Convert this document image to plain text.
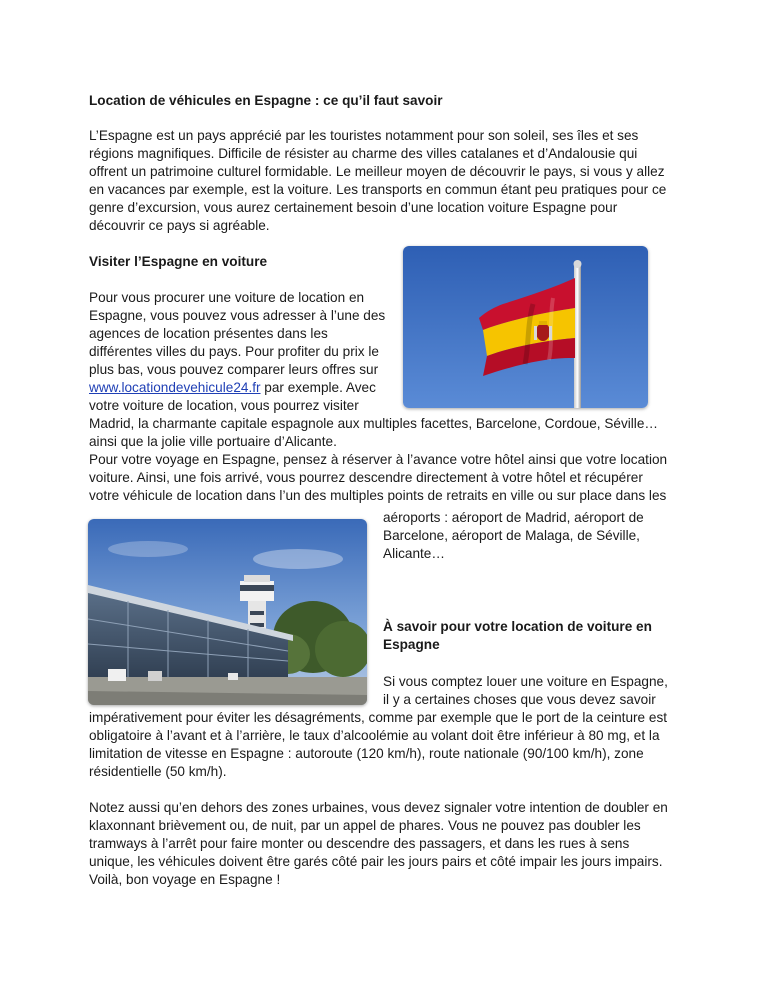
Location de véhicules en Espagne : ce qu’il faut savoir
L’Espagne est un pays apprécié par les touristes notamment pour son soleil, ses îles et ses
régions magnifiques. Difficile de résister au charme des villes catalanes et d’Andalousie qui
offrent un patrimoine culturel formidable. Le meilleur moyen de découvrir le pays, si vous y allez
en vacances par exemple, est la voiture. Les transports en commun étant peu pratiques pour ce
genre d’excursion, vous aurez certainement besoin d’une location voiture Espagne pour
découvrir ce pays si agréable.
Visiter l’Espagne en voiture
Pour vous procurer une voiture de location en
Espagne, vous pouvez vous adresser à l’une des
agences de location présentes dans les
différentes villes du pays. Pour profiter du prix le
plus bas, vous pouvez comparer leurs offres sur
www.locationdevehicule24.fr par exemple. Avec
votre voiture de location, vous pourrez visiter
Madrid, la charmante capitale espagnole aux multiples facettes, Barcelone, Cordoue, Séville…
ainsi que la jolie ville portuaire d’Alicante.
Pour votre voyage en Espagne, pensez à réserver à l’avance votre hôtel ainsi que votre location
voiture. Ainsi, une fois arrivé, vous pourrez descendre directement à votre hôtel et récupérer
votre véhicule de location dans l’un des multiples points de retraits en ville ou sur place dans les
aéroports : aéroport de Madrid, aéroport de
Barcelone, aéroport de Malaga, de Séville,
Alicante…
À savoir pour votre location de voiture en
Espagne
Si vous comptez louer une voiture en Espagne,
il y a certaines choses que vous devez savoir
impérativement pour éviter les désagréments, comme par exemple que le port de la ceinture est
obligatoire à l’avant et à l’arrière, le taux d’alcoolémie au volant doit être inférieur à 80 mg, et la
limitation de vitesse en Espagne : autoroute (120 km/h), route nationale (90/100 km/h), zone
résidentielle (50 km/h).
Notez aussi qu’en dehors des zones urbaines, vous devez signaler votre intention de doubler en
klaxonnant brièvement ou, de nuit, par un appel de phares. Vous ne pouvez pas doubler les
tramways à l’arrêt pour faire monter ou descendre des passagers, et dans les rues à sens
unique, les véhicules doivent être garés côté pair les jours pairs et côté impair les jours impairs.
Voilà, bon voyage en Espagne !
